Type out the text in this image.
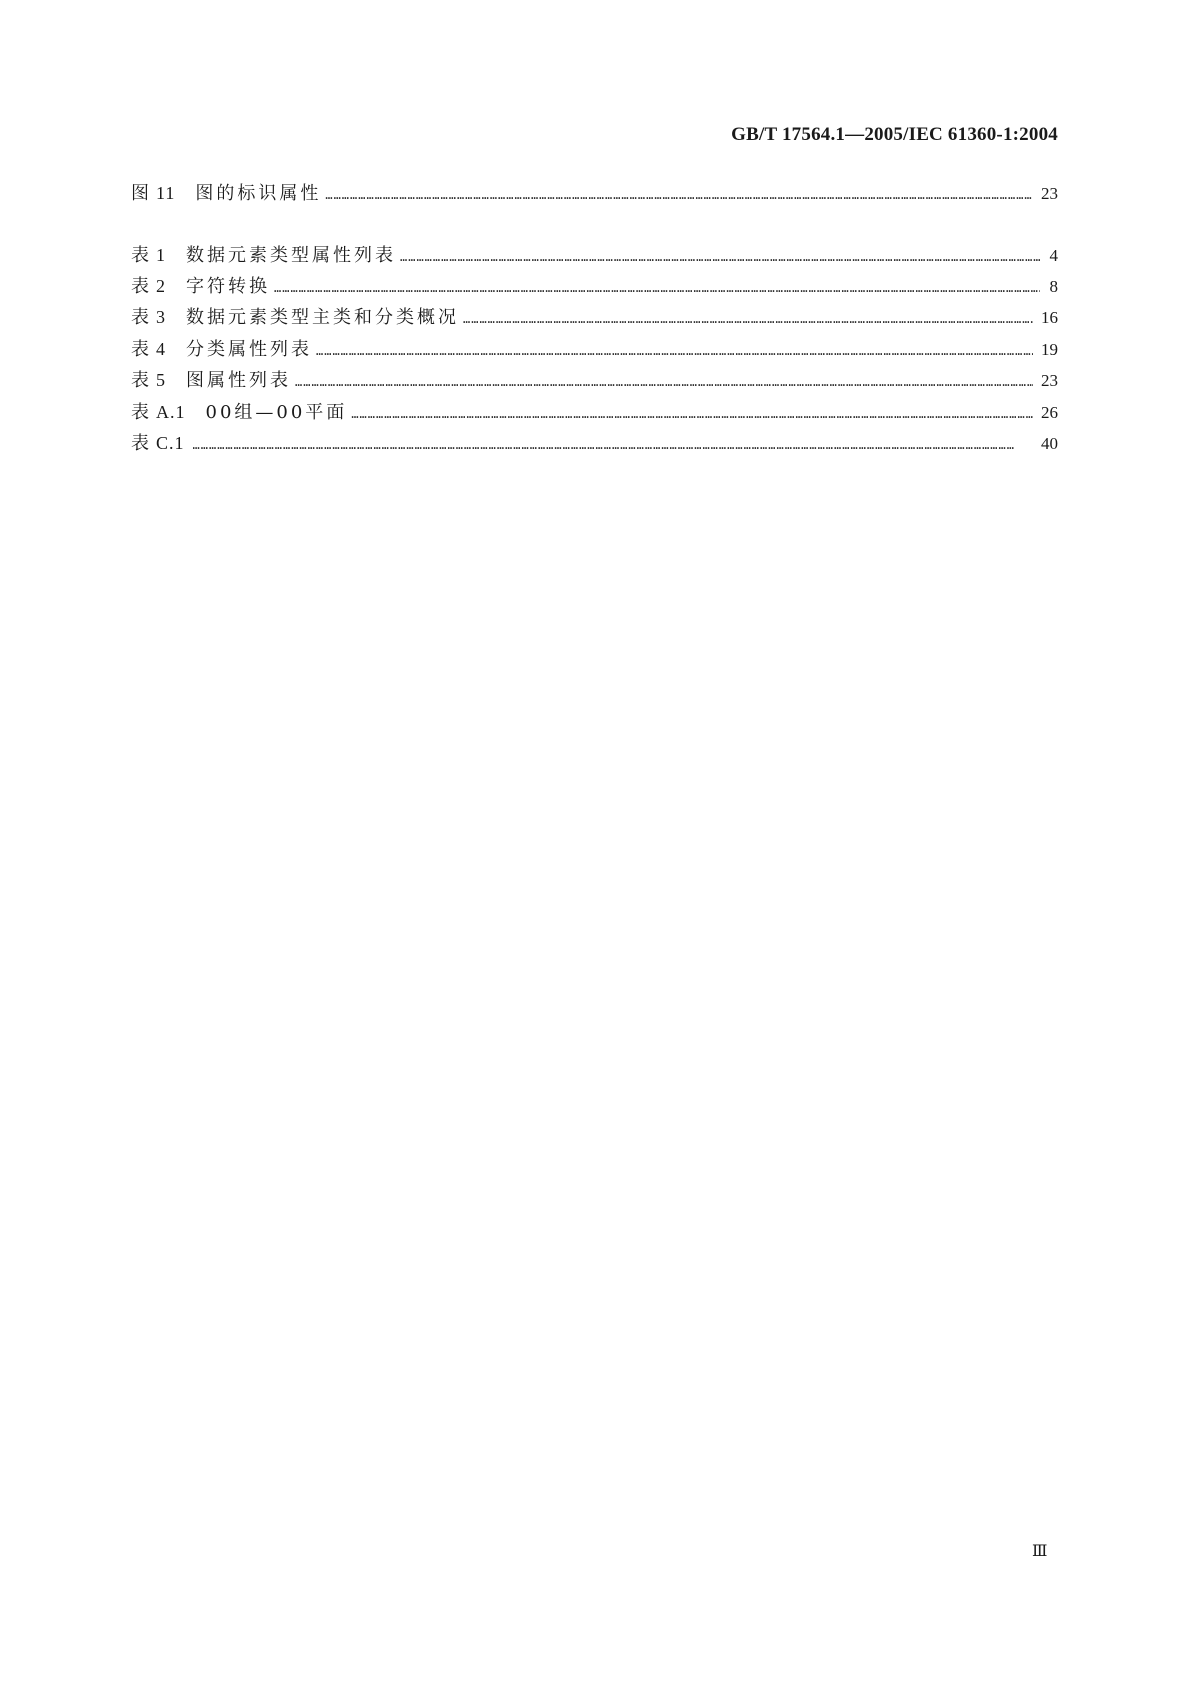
GB/T 17564.1—2005/IEC 61360-1:2004
图 11 图的标识属性 …………………………………………………………………………………………………………………………………………………………………………………………………………………………………………………………………………	23
表 1 数据元素类型属性列表 …………………………………………………………………………………………………………………………………………………………………………………………………………………………………………………………………………	4
表 2 字符转换 …………………………………………………………………………………………………………………………………………………………………………………………………………………………………………………………………………	8
表 3 数据元素类型主类和分类概况 …………………………………………………………………………………………………………………………………………………………………………………………………………………………………………………………………………	16
表 4 分类属性列表 …………………………………………………………………………………………………………………………………………………………………………………………………………………………………………………………………………	19
表 5 图属性列表 …………………………………………………………………………………………………………………………………………………………………………………………………………………………………………………………………………	23
表 A.1 00组—00平面 …………………………………………………………………………………………………………………………………………………………………………………………………………………………………………………………………………	26
表 C.1 …………………………………………………………………………………………………………………………………………………………………………………………………………………………………………………………………………	40
Ⅲ
